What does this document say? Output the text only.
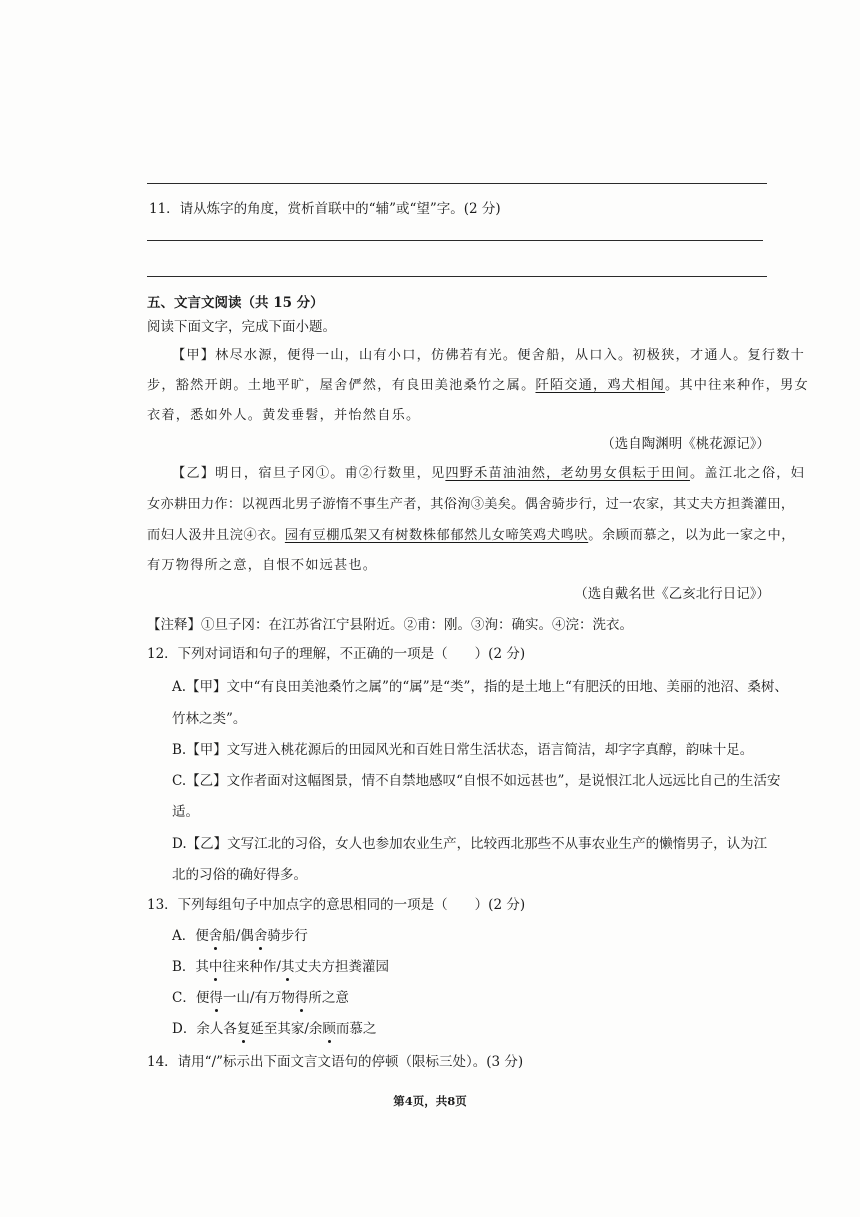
11．请从炼字的角度，赏析首联中的“辅”或“望”字。(2 分)
五、文言文阅读（共 15 分）
阅读下面文字，完成下面小题。
【甲】林尽水源，便得一山，山有小口，仿佛若有光。便舍船，从口入。初极狭，才通人。复行数十
步，豁然开朗。土地平旷，屋舍俨然，有良田美池桑竹之属。阡陌交通，鸡犬相闻。其中往来种作，男女
衣着，悉如外人。黄发垂髫，并怡然自乐。
（选自陶渊明《桃花源记》）
【乙】明日，宿旦子冈①。甫②行数里，见四野禾苗油油然，老幼男女俱耘于田间。盖江北之俗，妇
女亦耕田力作：以视西北男子游惰不事生产者，其俗洵③美矣。偶舍骑步行，过一农家，其丈夫方担粪灌田，
而妇人汲井且浣④衣。园有豆棚瓜架又有树数株郁郁然儿女啼笑鸡犬鸣吠。余顾而慕之，以为此一家之中，
有万物得所之意，自恨不如远甚也。
（选自戴名世《乙亥北行日记》）
【注释】①旦子冈：在江苏省江宁县附近。②甫：刚。③洵：确实。④浣：洗衣。
12．下列对词语和句子的理解，不正确的一项是（　　）(2 分)
A.【甲】文中“有良田美池桑竹之属”的“属”是“类”，指的是土地上“有肥沃的田地、美丽的池沼、桑树、
竹林之类”。
B.【甲】文写进入桃花源后的田园风光和百姓日常生活状态，语言简洁，却字字真醇，韵味十足。
C.【乙】文作者面对这幅图景，情不自禁地感叹“自恨不如远甚也”，是说恨江北人远远比自己的生活安
适。
D.【乙】文写江北的习俗，女人也参加农业生产，比较西北那些不从事农业生产的懒惰男子，认为江
北的习俗的确好得多。
13．下列每组句子中加点字的意思相同的一项是（　　）(2 分)
A．便舍船/偶舍骑步行
B．其中往来种作/其丈夫方担粪灌园
C．便得一山/有万物得所之意
D．余人各复延至其家/余顾而慕之
14．请用“/”标示出下面文言文语句的停顿（限标三处）。(3 分)
第4页，共8页
